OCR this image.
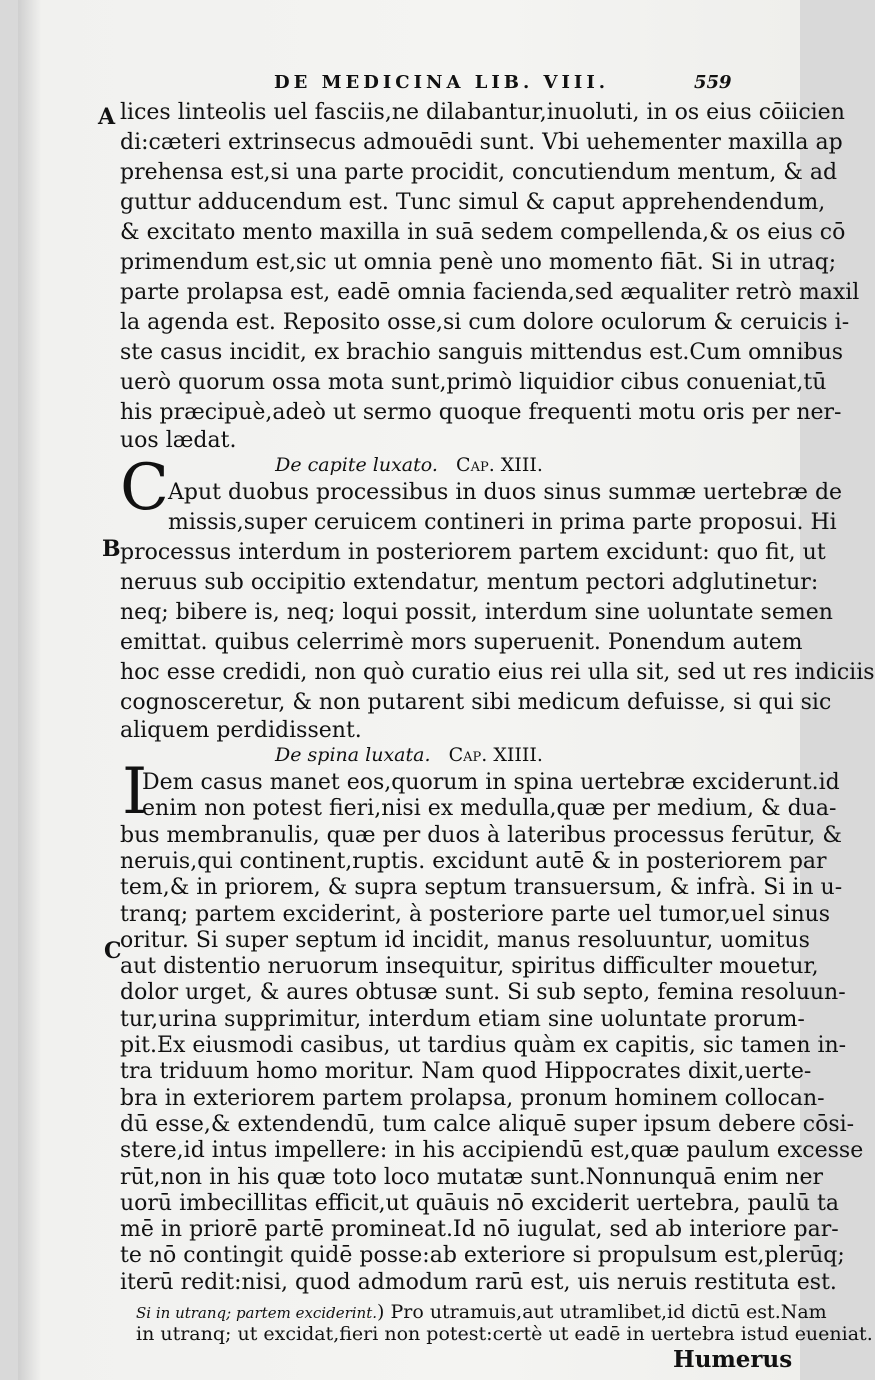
DE MEDICINA LIB. VIII.	559
A
B
C
lices linteolis uel fasciis,ne dilabantur,inuoluti, in os eius cōiicien
di:cæteri extrinsecus admouēdi sunt. Vbi uehementer maxilla ap
prehensa est,si una parte procidit, concutiendum mentum, & ad
guttur adducendum est. Tunc simul & caput apprehendendum,
& excitato mento maxilla in suā sedem compellenda,& os eius cō
primendum est,sic ut omnia penè uno momento fiāt. Si in utraq;
parte prolapsa est, eadē omnia facienda,sed æqualiter retrò maxil
la agenda est. Reposito osse,si cum dolore oculorum & ceruicis i-
ste casus incidit, ex brachio sanguis mittendus est.Cum omnibus
uerò quorum ossa mota sunt,primò liquidior cibus conueniat,tū
his præcipuè,adeò ut sermo quoque frequenti motu oris per ner-
uos lædat.
De capite luxato. Cap. XIII.
C Aput duobus processibus in duos sinus summæ uertebræ de
missis,super ceruicem contineri in prima parte proposui. Hi
processus interdum in posteriorem partem excidunt: quo fit, ut
neruus sub occipitio extendatur, mentum pectori adglutinetur:
neq; bibere is, neq; loqui possit, interdum sine uoluntate semen
emittat. quibus celerrimè mors superuenit. Ponendum autem
hoc esse credidi, non quò curatio eius rei ulla sit, sed ut res indiciis
cognosceretur, & non putarent sibi medicum defuisse, si qui sic
aliquem perdidissent.
De spina luxata. Cap. XIIII.
I
Dem casus manet eos,quorum in spina uertebræ exciderunt.id
enim non potest fieri,nisi ex medulla,quæ per medium, & dua-
bus membranulis, quæ per duos à lateribus processus ferūtur, &
neruis,qui continent,ruptis. excidunt autē & in posteriorem par
tem,& in priorem, & supra septum transuersum, & infrà. Si in u-
tranq; partem exciderint, à posteriore parte uel tumor,uel sinus
oritur. Si super septum id incidit, manus resoluuntur, uomitus
aut distentio neruorum insequitur, spiritus difficulter mouetur,
dolor urget, & aures obtusæ sunt. Si sub septo, femina resoluun-
tur,urina supprimitur, interdum etiam sine uoluntate prorum-
pit.Ex eiusmodi casibus, ut tardius quàm ex capitis, sic tamen in-
tra triduum homo moritur. Nam quod Hippocrates dixit,uerte-
bra in exteriorem partem prolapsa, pronum hominem collocan-
dū esse,& extendendū, tum calce aliquē super ipsum debere cōsi-
stere,id intus impellere: in his accipiendū est,quæ paulum excesse
rūt,non in his quæ toto loco mutatæ sunt.Nonnunquā enim ner
uorū imbecillitas efficit,ut quāuis nō exciderit uertebra, paulū ta
mē in priorē partē promineat.Id nō iugulat, sed ab interiore par-
te nō contingit quidē posse:ab exteriore si propulsum est,plerūq;
iterū redit:nisi, quod admodum rarū est, uis neruis restituta est.
Si in utranq; partem exciderint.) Pro utramuis,aut utramlibet,id dictū est.Nam
in utranq; ut excidat,fieri non potest:certè ut eadē in uertebra istud eueniat.
Humerus
